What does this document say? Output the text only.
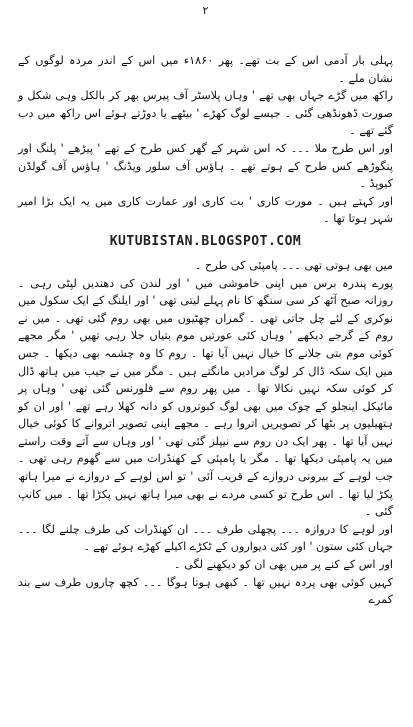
۲

پہلی بار آدمی اس کے بت تھے۔ پھر ۱۸۶۰ء میں اس کے اندر مردہ لوگوں کے نشان ملے ۔

راکھ میں گڑے جہاں بھی تھے ' وہاں پلاسٹر آف پیرس بھر کر بالکل وہی شکل و صورت ڈھونڈھی گئی ۔ جیسے لوگ کھڑے ' بیٹھے یا دوڑتے ہوئے اس راکھ میں دب گئے تھے ۔

اور اس طرح ملا ۔۔۔ کہ اس شہر کے گھر کس طرح کے تھے ' پیڑھے ' پلنگ اور پنگوڑھے کس طرح کے ہوتے تھے ۔ ہاؤس آف سلور ویڈنگ ' ہاؤس آف گولڈن کیوپڈ ۔

اور کہتے ہیں ۔ مورت کاری ' بت کاری اور عمارت کاری میں یہ ایک بڑا امیر شہر ہوتا تھا ۔

KUTUBISTAN.BLOGSPOT.COM

میں بھی ہوتی تھی ۔۔۔ پامپئی کی طرح ۔

پورے پندرہ برس میں اپنی خاموشی میں ' اور لندن کی دھندیں لپٹی رہی ۔ روزانہ صبح آٹھ کر سی سنگھ کا نام پہلے لیتی تھی ' اور ایلنگ کے ایک سکول میں نوکری کے لئے چل جاتی تھی ۔ گمراں چھٹیوں میں بھی روم گئی تھی ۔ میں نے روم کے گرجے دیکھے ' وہاں کئی عورتیں موم بتیاں جلا رہی تھیں ' مگر مجھے کوئی موم بتی جلانے کا خیال نہیں آیا تھا ۔ روم کا وہ چشمہ بھی دیکھا ۔ جس میں ایک سکہ ڈال کر لوگ مرادیں مانگتے ہیں ۔ مگر میں نے جیب میں ہاتھ ڈال کر کوئی سکہ نہیں نکالا تھا ۔ میں پھر روم سے فلورنس گئی تھی ' وہاں پر مائیکل اینجلو کے چوک میں بھی لوگ کبوتروں کو دانہ کھلا رہے تھے ' اور ان کو ہتھیلیوں پر بٹھا کر تصویریں اتروا رہے ۔ مجھے اپنی تصویر اتروانے کا کوئی خیال نہیں آیا تھا ۔ پھر ایک دن روم سے نیپلز گئی تھی ' اور وہاں سے آتے وقت راستے میں یہ پامپئی دیکھا تھا ۔ مگر یا پامپئی کے کھنڈرات میں سے گھوم رہی تھی ۔ جب لوہے کے بیرونی دروازے کے قریب آئی ' تو اس لوہے کے دروازے نے میرا ہاتھ پکڑ لیا تھا ۔ اس طرح تو کسی مردے نے بھی میرا ہاتھ نہیں پکڑا تھا ۔ میں کانپ گئی ۔

اور لوہے کا دروازہ ۔۔۔ پچھلی طرف ۔۔۔ ان کھنڈرات کی طرف چلنے لگا ۔۔۔ جہاں کئی ستون ' اور کئی دیواروں کے ٹکڑے اکیلے کھڑے ہوئے تھے ۔

اور اس کے کنے پر میں بھی ان کو دیکھنے لگی ۔

کہیں کوئی بھی پردہ نہیں تھا ۔ کبھی ہوتا ہوگا ۔۔۔ کچھ چاروں طرف سے بند کمرے
